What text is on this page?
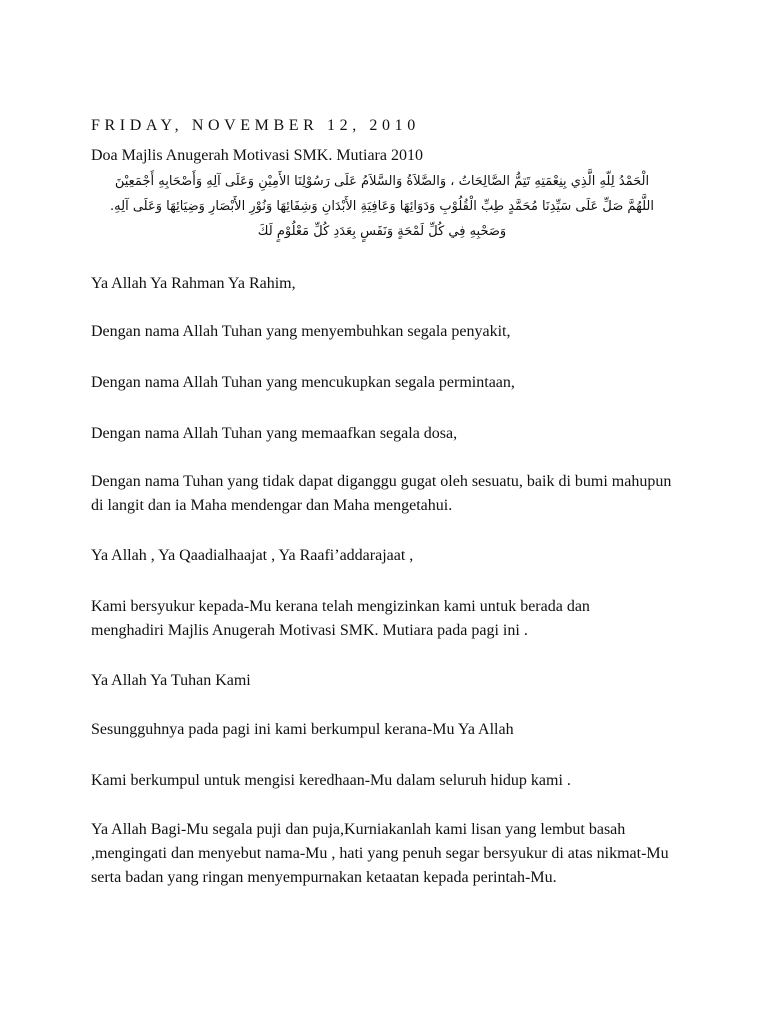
FRIDAY, NOVEMBER 12, 2010
Doa Majlis Anugerah Motivasi SMK. Mutiara 2010
الْحَمْدُ لِلّهِ الَّذِي بِنِعْمَتِهِ تَتِمُّ الصَّالِحَاتُ ، وَالصَّلاَةُ وَالسَّلاَمُ عَلَى رَسُوْلِنَا الأَمِيْنِ وَعَلَى آلِهِ وَأَصْحَابِهِ أَجْمَعِيْنَ
اللَّهُمَّ صَلِّ عَلَى سَيِّدِنَا مُحَمَّدٍ طِبِّ الْقُلُوْبِ وَدَوَائِهَا وَعَافِيَةِ الأَبْدَانِ وَشِفَائِهَا وَنُوْرِ الأَبْصَارِ وَضِيَائِهَا وَعَلَى آلِهِ.
وَصَحْبِهِ فِي كُلِّ لَمْحَةٍ وَنَفَسٍ بِعَدَدِ كُلِّ مَعْلُوْمٍ لَكَ

Ya Allah Ya Rahman Ya Rahim,

Dengan nama Allah Tuhan yang menyembuhkan segala penyakit,

Dengan nama Allah Tuhan yang mencukupkan segala permintaan,

Dengan nama Allah Tuhan yang memaafkan segala dosa,

Dengan nama Tuhan yang tidak dapat diganggu gugat oleh sesuatu, baik di bumi mahupun di langit dan ia Maha mendengar dan Maha mengetahui.

Ya Allah , Ya Qaadialhaajat , Ya Raafi’addarajaat ,

Kami bersyukur kepada-Mu kerana telah mengizinkan kami untuk berada dan menghadiri Majlis Anugerah Motivasi SMK. Mutiara pada pagi ini .

Ya Allah Ya Tuhan Kami

Sesungguhnya pada pagi ini kami berkumpul kerana-Mu Ya Allah

Kami berkumpul untuk mengisi keredhaan-Mu dalam seluruh hidup kami .

Ya Allah Bagi-Mu segala puji dan puja,Kurniakanlah kami lisan yang lembut basah ,mengingati dan menyebut nama-Mu , hati yang penuh segar bersyukur di atas nikmat-Mu serta badan yang ringan menyempurnakan ketaatan kepada perintah-Mu.
